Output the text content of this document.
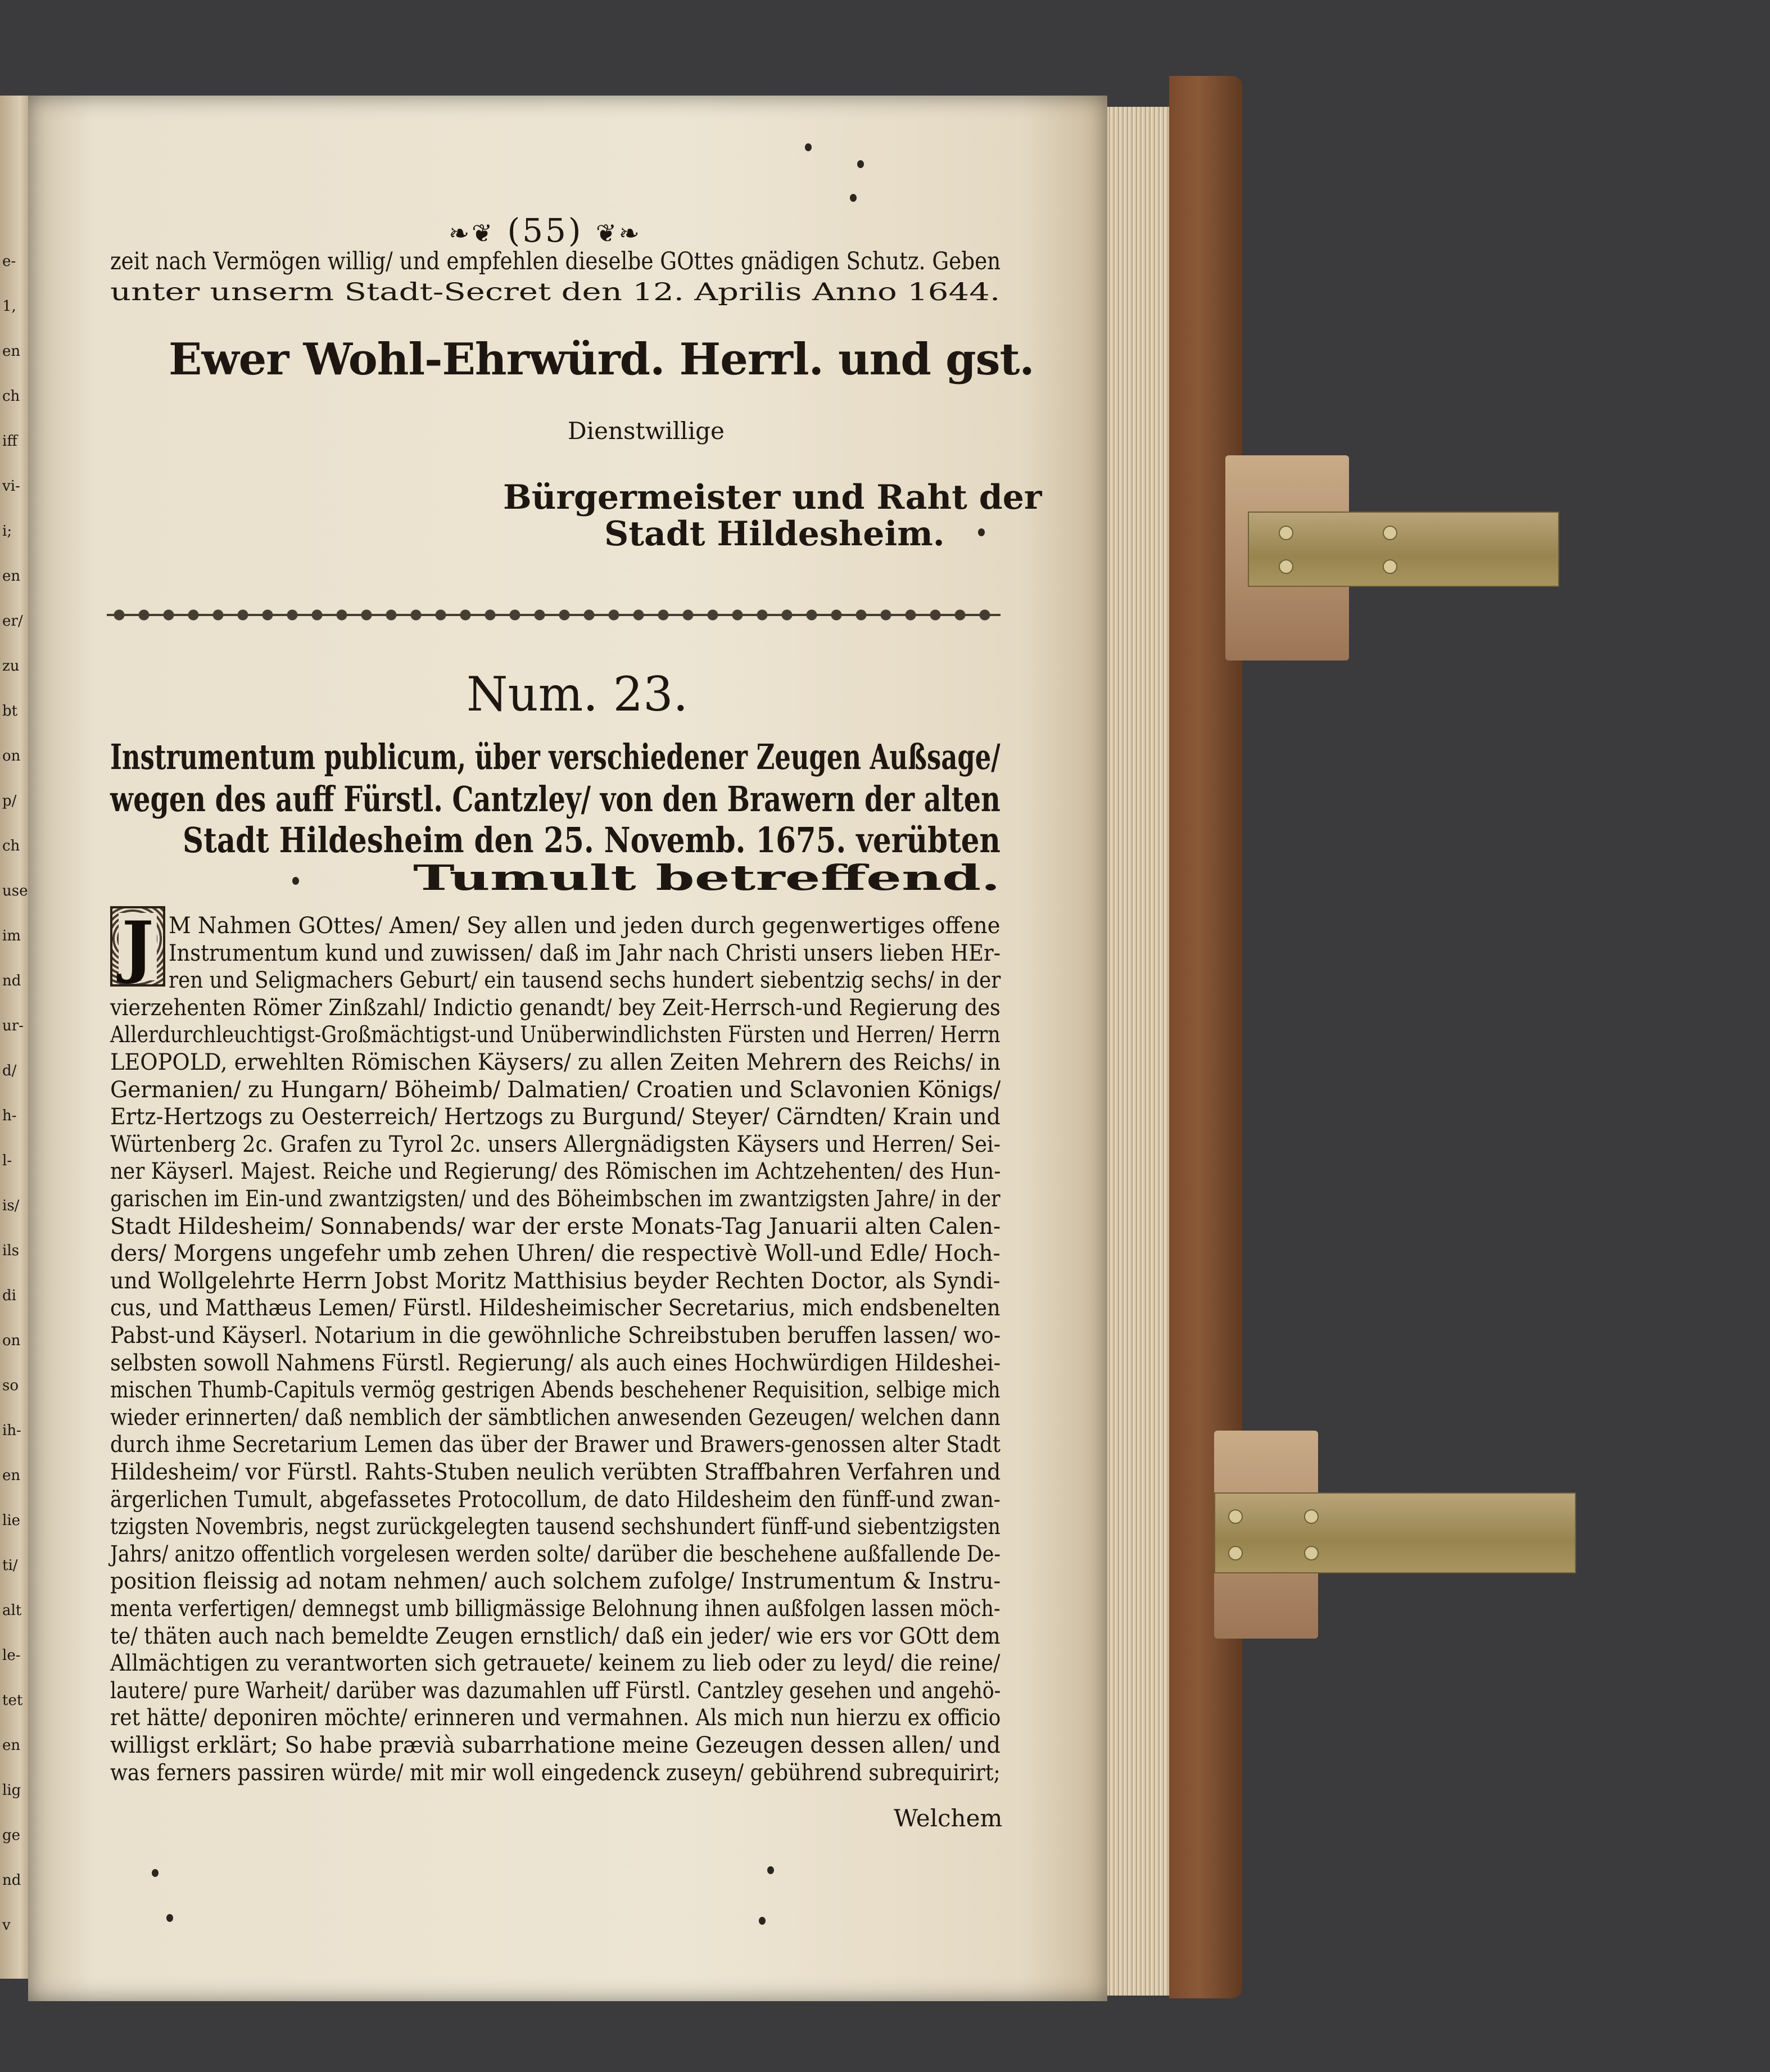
e-
1,
en
ch
iff
vi-
i;
en
er/
zu
bt
on
p/
ch
use
im
nd
ur-
d/
h-
l-
is/
ils
di
on
so
ih-
en
lie
ti/
alt
le-
tet
en
lig
ge
nd
v
❧❦ (55) ❦❧
zeit nach Vermögen willig/ und empfehlen dieselbe GOttes gnädigen Schutz. Geben
unter unserm Stadt-Secret den 12. Aprilis Anno 1644.
Ewer Wohl-Ehrwürd. Herrl. und gst.
Dienstwillige
Bürgermeister und Raht der
Stadt Hildesheim.
Num. 23.
Instrumentum publicum, über verschiedener Zeugen Außsage/
wegen des auff Fürstl. Cantzley/ von den Brawern der alten
Stadt Hildesheim den 25. Novemb. 1675. verübten
Tumult betreffend.
J M Nahmen GOttes/ Amen/ Sey allen und jeden durch gegenwertiges offene
Instrumentum kund und zuwissen/ daß im Jahr nach Christi unsers lieben HEr-
ren und Seligmachers Geburt/ ein tausend sechs hundert siebentzig sechs/ in der
vierzehenten Römer Zinßzahl/ Indictio genandt/ bey Zeit-Herrsch-und Regierung des
Allerdurchleuchtigst-Großmächtigst-und Unüberwindlichsten Fürsten und Herren/ Herrn
LEOPOLD, erwehlten Römischen Käysers/ zu allen Zeiten Mehrern des Reichs/ in
Germanien/ zu Hungarn/ Böheimb/ Dalmatien/ Croatien und Sclavonien Königs/
Ertz-Hertzogs zu Oesterreich/ Hertzogs zu Burgund/ Steyer/ Cärndten/ Krain und
Würtenberg 2c. Grafen zu Tyrol 2c. unsers Allergnädigsten Käysers und Herren/ Sei-
ner Käyserl. Majest. Reiche und Regierung/ des Römischen im Achtzehenten/ des Hun-
garischen im Ein-und zwantzigsten/ und des Böheimbschen im zwantzigsten Jahre/ in der
Stadt Hildesheim/ Sonnabends/ war der erste Monats-Tag Januarii alten Calen-
ders/ Morgens ungefehr umb zehen Uhren/ die respectivè Woll-und Edle/ Hoch-
und Wollgelehrte Herrn Jobst Moritz Matthisius beyder Rechten Doctor, als Syndi-
cus, und Matthæus Lemen/ Fürstl. Hildesheimischer Secretarius, mich endsbenelten
Pabst-und Käyserl. Notarium in die gewöhnliche Schreibstuben beruffen lassen/ wo-
selbsten sowoll Nahmens Fürstl. Regierung/ als auch eines Hochwürdigen Hildeshei-
mischen Thumb-Capituls vermög gestrigen Abends beschehener Requisition, selbige mich
wieder erinnerten/ daß nemblich der sämbtlichen anwesenden Gezeugen/ welchen dann
durch ihme Secretarium Lemen das über der Brawer und Brawers-genossen alter Stadt
Hildesheim/ vor Fürstl. Rahts-Stuben neulich verübten Straffbahren Verfahren und
ärgerlichen Tumult, abgefassetes Protocollum, de dato Hildesheim den fünff-und zwan-
tzigsten Novembris, negst zurückgelegten tausend sechshundert fünff-und siebentzigsten
Jahrs/ anitzo offentlich vorgelesen werden solte/ darüber die beschehene außfallende De-
position fleissig ad notam nehmen/ auch solchem zufolge/ Instrumentum & Instru-
menta verfertigen/ demnegst umb billigmässige Belohnung ihnen außfolgen lassen möch-
te/ thäten auch nach bemeldte Zeugen ernstlich/ daß ein jeder/ wie ers vor GOtt dem
Allmächtigen zu verantworten sich getrauete/ keinem zu lieb oder zu leyd/ die reine/
lautere/ pure Warheit/ darüber was dazumahlen uff Fürstl. Cantzley gesehen und angehö-
ret hätte/ deponiren möchte/ erinneren und vermahnen. Als mich nun hierzu ex officio
willigst erklärt; So habe prævià subarrhatione meine Gezeugen dessen allen/ und
was ferners passiren würde/ mit mir woll eingedenck zuseyn/ gebührend subrequirirt;
Welchem
